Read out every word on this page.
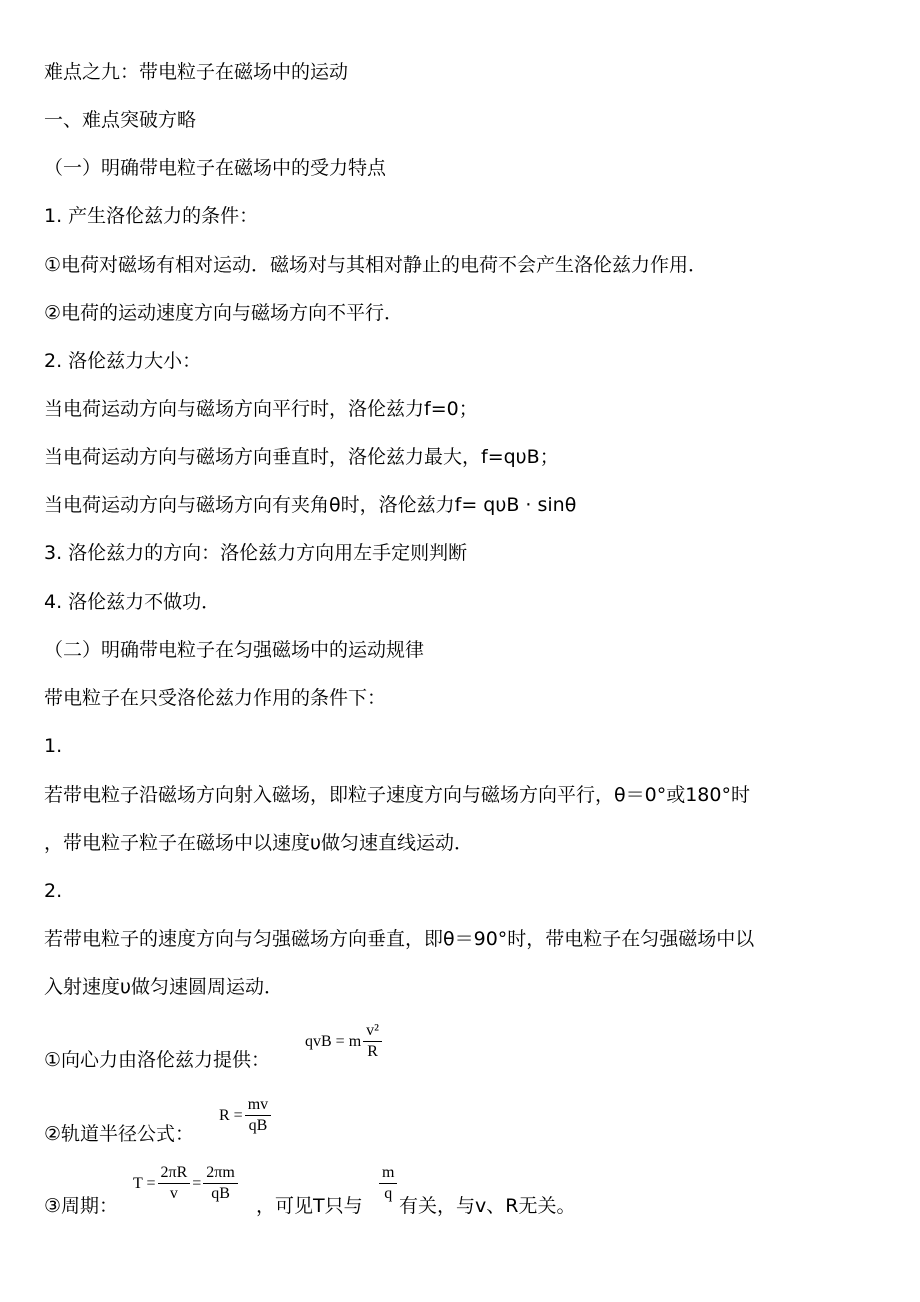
难点之九：带电粒子在磁场中的运动

一、难点突破方略

（一）明确带电粒子在磁场中的受力特点

1. 产生洛伦兹力的条件：

①电荷对磁场有相对运动．磁场对与其相对静止的电荷不会产生洛伦兹力作用．

②电荷的运动速度方向与磁场方向不平行．

2. 洛伦兹力大小：

当电荷运动方向与磁场方向平行时，洛伦兹力f=0；

当电荷运动方向与磁场方向垂直时，洛伦兹力最大，f=qυB；

当电荷运动方向与磁场方向有夹角θ时，洛伦兹力f= qυB · sinθ

3. 洛伦兹力的方向：洛伦兹力方向用左手定则判断

4. 洛伦兹力不做功．

（二）明确带电粒子在匀强磁场中的运动规律

带电粒子在只受洛伦兹力作用的条件下：

1.

若带电粒子沿磁场方向射入磁场，即粒子速度方向与磁场方向平行，θ＝0°或180°时

，带电粒子粒子在磁场中以速度υ做匀速直线运动．

2.

若带电粒子的速度方向与匀强磁场方向垂直，即θ＝90°时，带电粒子在匀强磁场中以

入射速度υ做匀速圆周运动．

①向心力由洛伦兹力提供：

qvB = m $\frac{\text{v²}}{R}$

②轨道半径公式：

$R = \frac{mv}{qB}$

③周期：

$T = \frac{2\pi R}{v} = \frac{2\pi m}{qB}$
，可见T只与
$\frac{m}{q}$
有关，与v、R无关。
